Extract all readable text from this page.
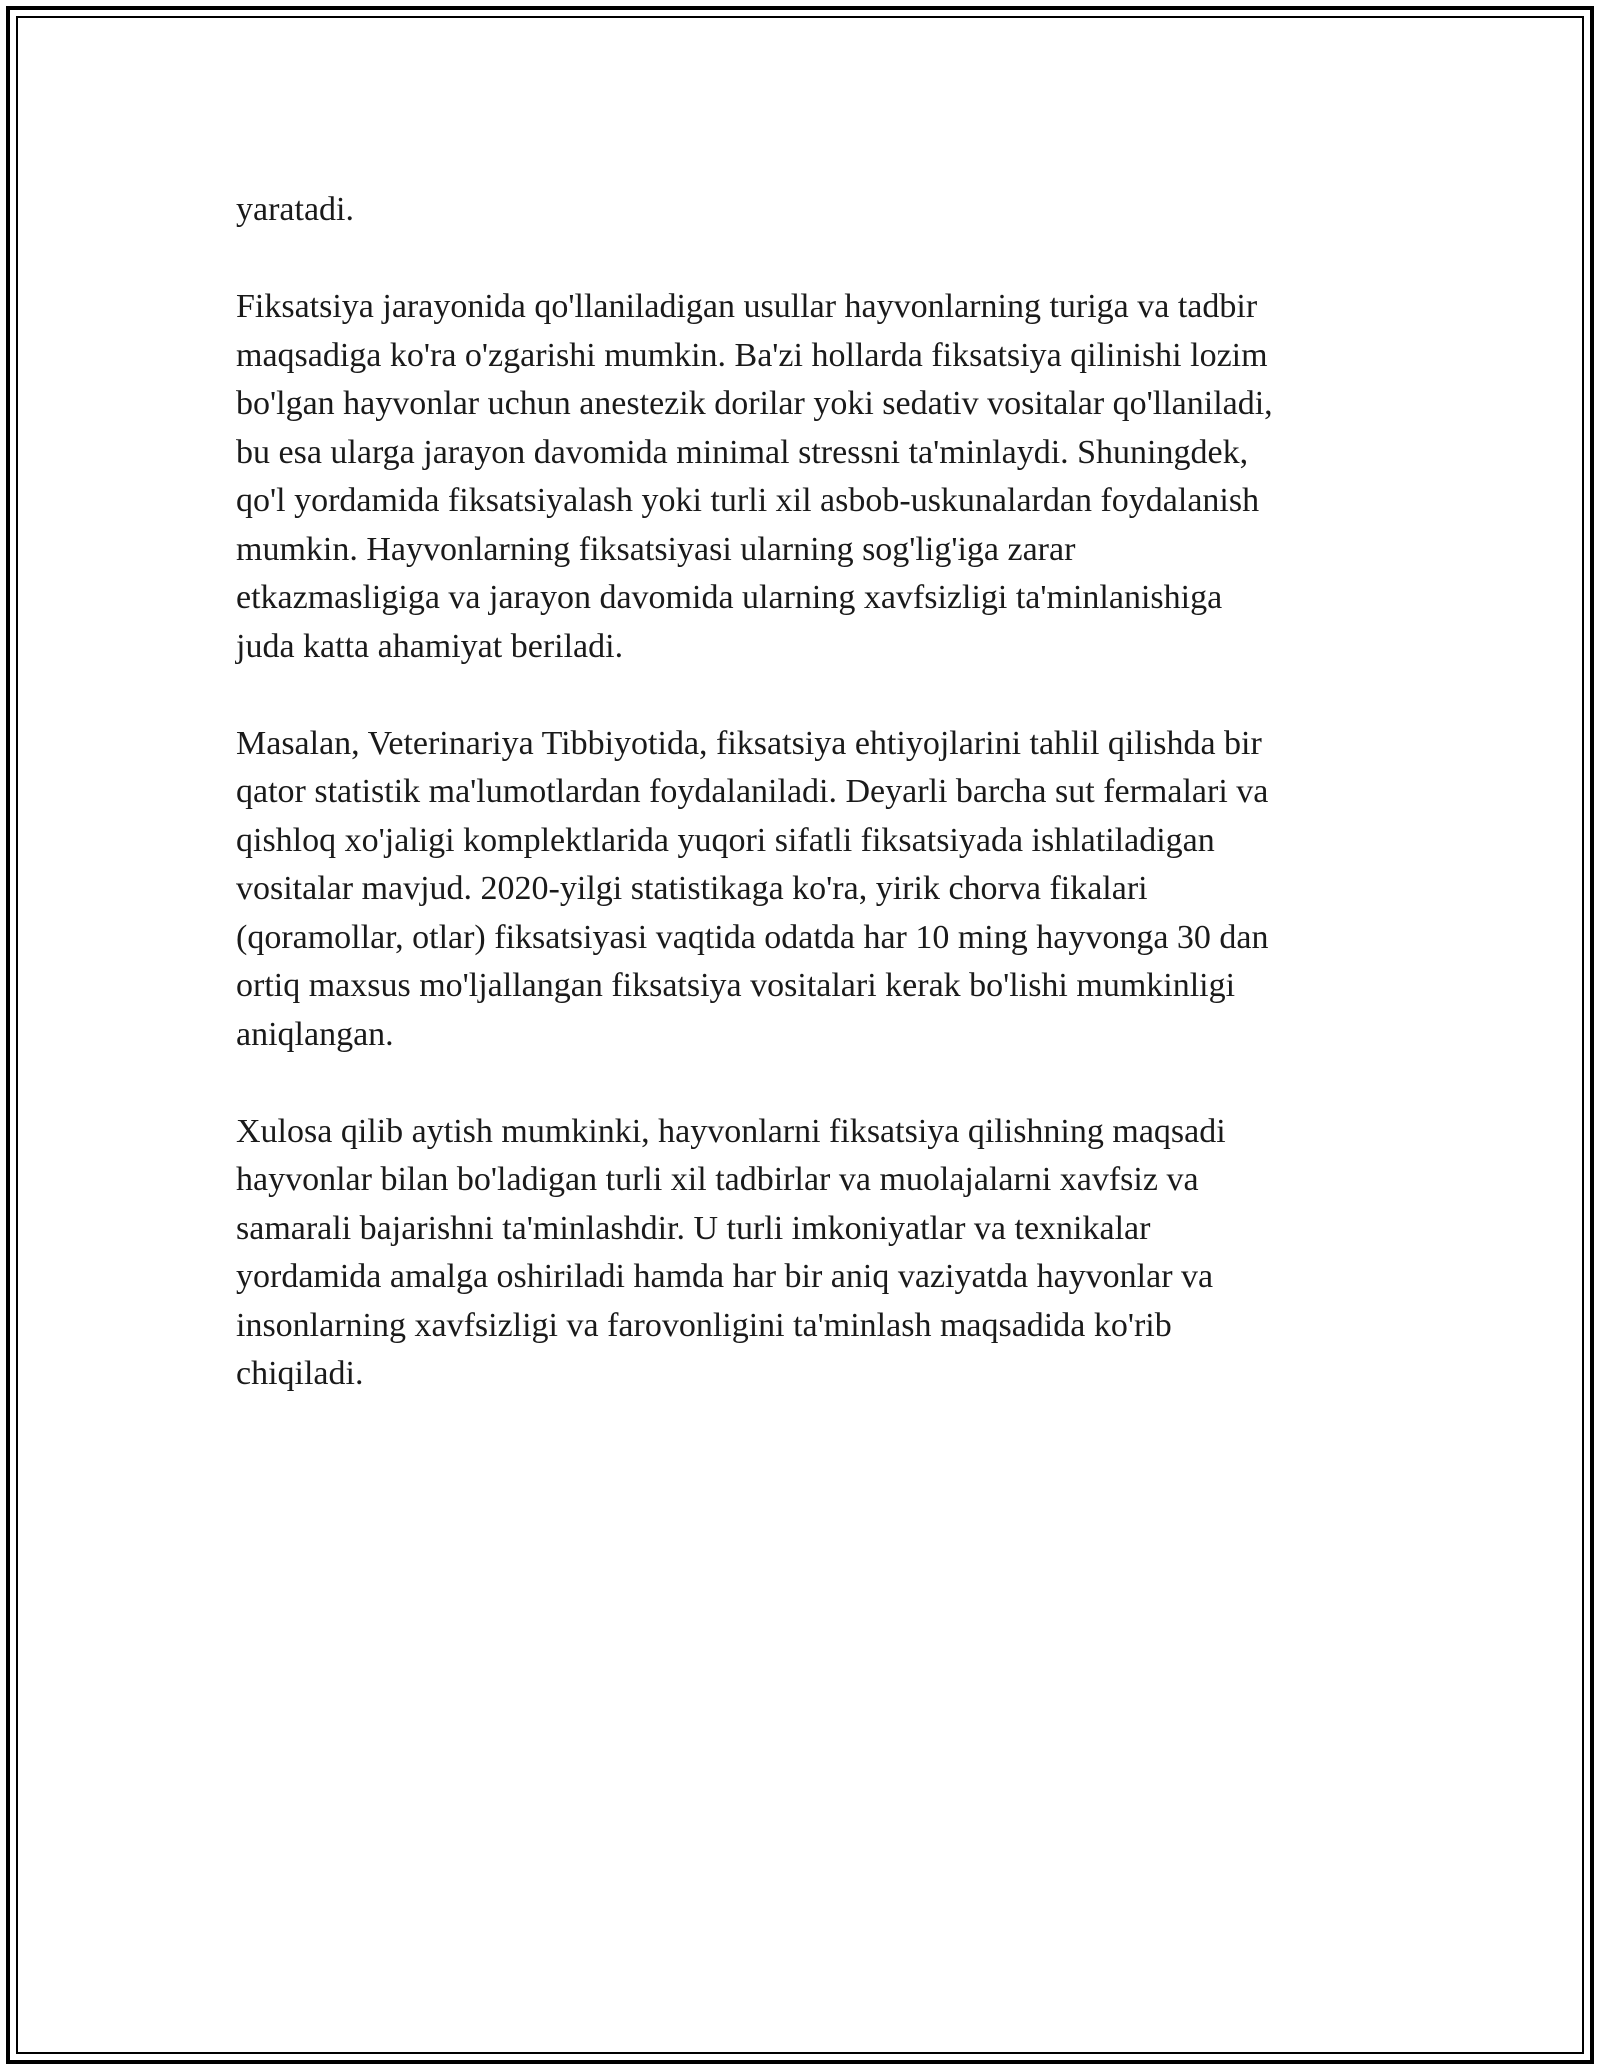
yaratadi.
Fiksatsiya jarayonida qo'llaniladigan usullar hayvonlarning turiga va tadbir
maqsadiga ko'ra o'zgarishi mumkin. Ba'zi hollarda fiksatsiya qilinishi lozim
bo'lgan hayvonlar uchun anestezik dorilar yoki sedativ vositalar qo'llaniladi,
bu esa ularga jarayon davomida minimal stressni ta'minlaydi. Shuningdek,
qo'l yordamida fiksatsiyalash yoki turli xil asbob-uskunalardan foydalanish
mumkin. Hayvonlarning fiksatsiyasi ularning sog'lig'iga zarar
etkazmasligiga va jarayon davomida ularning xavfsizligi ta'minlanishiga
juda katta ahamiyat beriladi.
Masalan, Veterinariya Tibbiyotida, fiksatsiya ehtiyojlarini tahlil qilishda bir
qator statistik ma'lumotlardan foydalaniladi. Deyarli barcha sut fermalari va
qishloq xo'jaligi komplektlarida yuqori sifatli fiksatsiyada ishlatiladigan
vositalar mavjud. 2020-yilgi statistikaga ko'ra, yirik chorva fikalari
(qoramollar, otlar) fiksatsiyasi vaqtida odatda har 10 ming hayvonga 30 dan
ortiq maxsus mo'ljallangan fiksatsiya vositalari kerak bo'lishi mumkinligi
aniqlangan.
Xulosa qilib aytish mumkinki, hayvonlarni fiksatsiya qilishning maqsadi
hayvonlar bilan bo'ladigan turli xil tadbirlar va muolajalarni xavfsiz va
samarali bajarishni ta'minlashdir. U turli imkoniyatlar va texnikalar
yordamida amalga oshiriladi hamda har bir aniq vaziyatda hayvonlar va
insonlarning xavfsizligi va farovonligini ta'minlash maqsadida ko'rib
chiqiladi.
